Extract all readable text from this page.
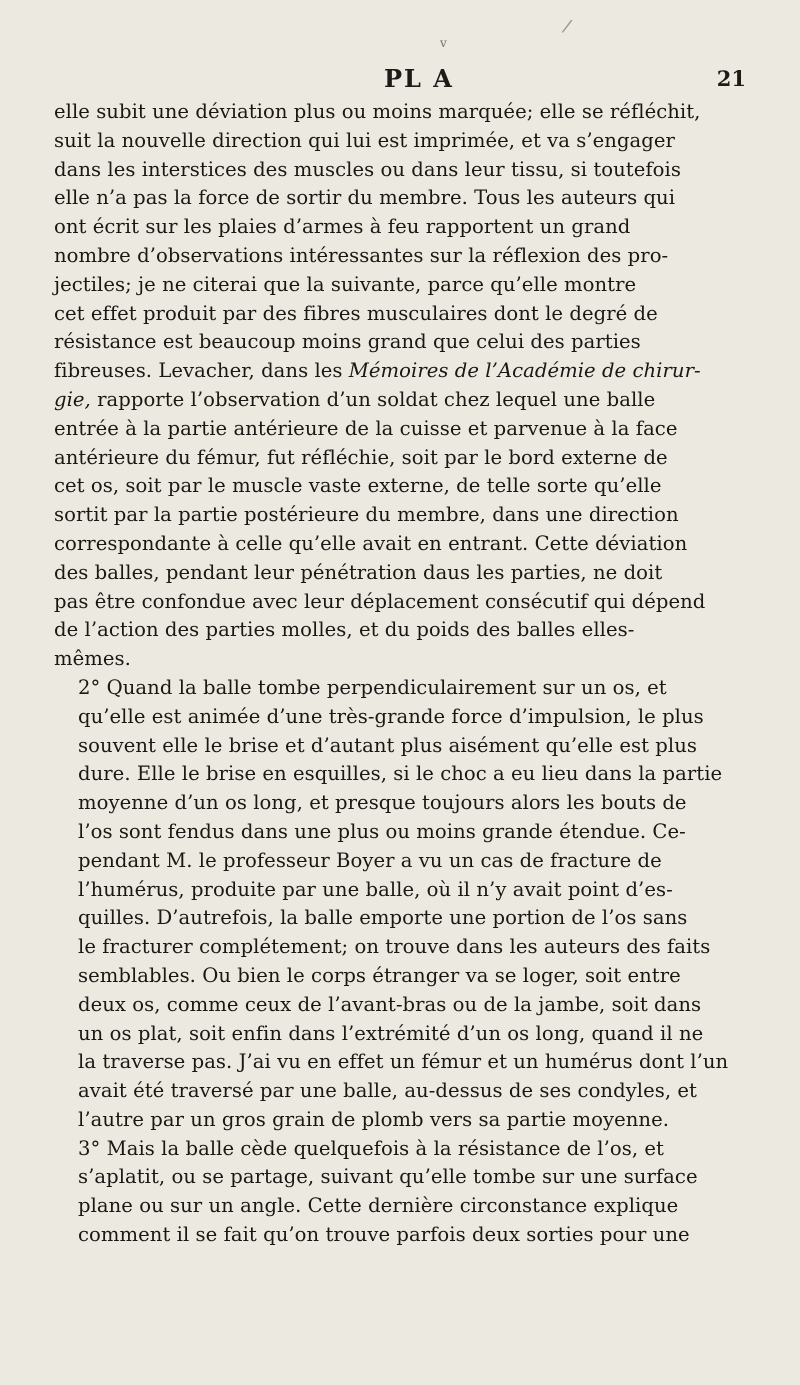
/
v
PL A	21
elle subit une déviation plus ou moins marquée; elle se réfléchit,
suit la nouvelle direction qui lui est imprimée, et va s’engager
dans les interstices des muscles ou dans leur tissu, si toutefois
elle n’a pas la force de sortir du membre. Tous les auteurs qui
ont écrit sur les plaies d’armes à feu rapportent un grand
nombre d’observations intéressantes sur la réflexion des pro-
jectiles; je ne citerai que la suivante, parce qu’elle montre
cet effet produit par des fibres musculaires dont le degré de
résistance est beaucoup moins grand que celui des parties
fibreuses. Levacher, dans les Mémoires de l’Académie de chirur-
gie, rapporte l’observation d’un soldat chez lequel une balle
entrée à la partie antérieure de la cuisse et parvenue à la face
antérieure du fémur, fut réfléchie, soit par le bord externe de
cet os, soit par le muscle vaste externe, de telle sorte qu’elle
sortit par la partie postérieure du membre, dans une direction
correspondante à celle qu’elle avait en entrant. Cette déviation
des balles, pendant leur pénétration daus les parties, ne doit
pas être confondue avec leur déplacement consécutif qui dépend
de l’action des parties molles, et du poids des balles elles-
mêmes.
2° Quand la balle tombe perpendiculairement sur un os, et
qu’elle est animée d’une très-grande force d’impulsion, le plus
souvent elle le brise et d’autant plus aisément qu’elle est plus
dure. Elle le brise en esquilles, si le choc a eu lieu dans la partie
moyenne d’un os long, et presque toujours alors les bouts de
l’os sont fendus dans une plus ou moins grande étendue. Ce-
pendant M. le professeur Boyer a vu un cas de fracture de
l’humérus, produite par une balle, où il n’y avait point d’es-
quilles. D’autrefois, la balle emporte une portion de l’os sans
le fracturer complétement; on trouve dans les auteurs des faits
semblables. Ou bien le corps étranger va se loger, soit entre
deux os, comme ceux de l’avant-bras ou de la jambe, soit dans
un os plat, soit enfin dans l’extrémité d’un os long, quand il ne
la traverse pas. J’ai vu en effet un fémur et un humérus dont l’un
avait été traversé par une balle, au-dessus de ses condyles, et
l’autre par un gros grain de plomb vers sa partie moyenne.
3° Mais la balle cède quelquefois à la résistance de l’os, et
s’aplatit, ou se partage, suivant qu’elle tombe sur une surface
plane ou sur un angle. Cette dernière circonstance explique
comment il se fait qu’on trouve parfois deux sorties pour une
